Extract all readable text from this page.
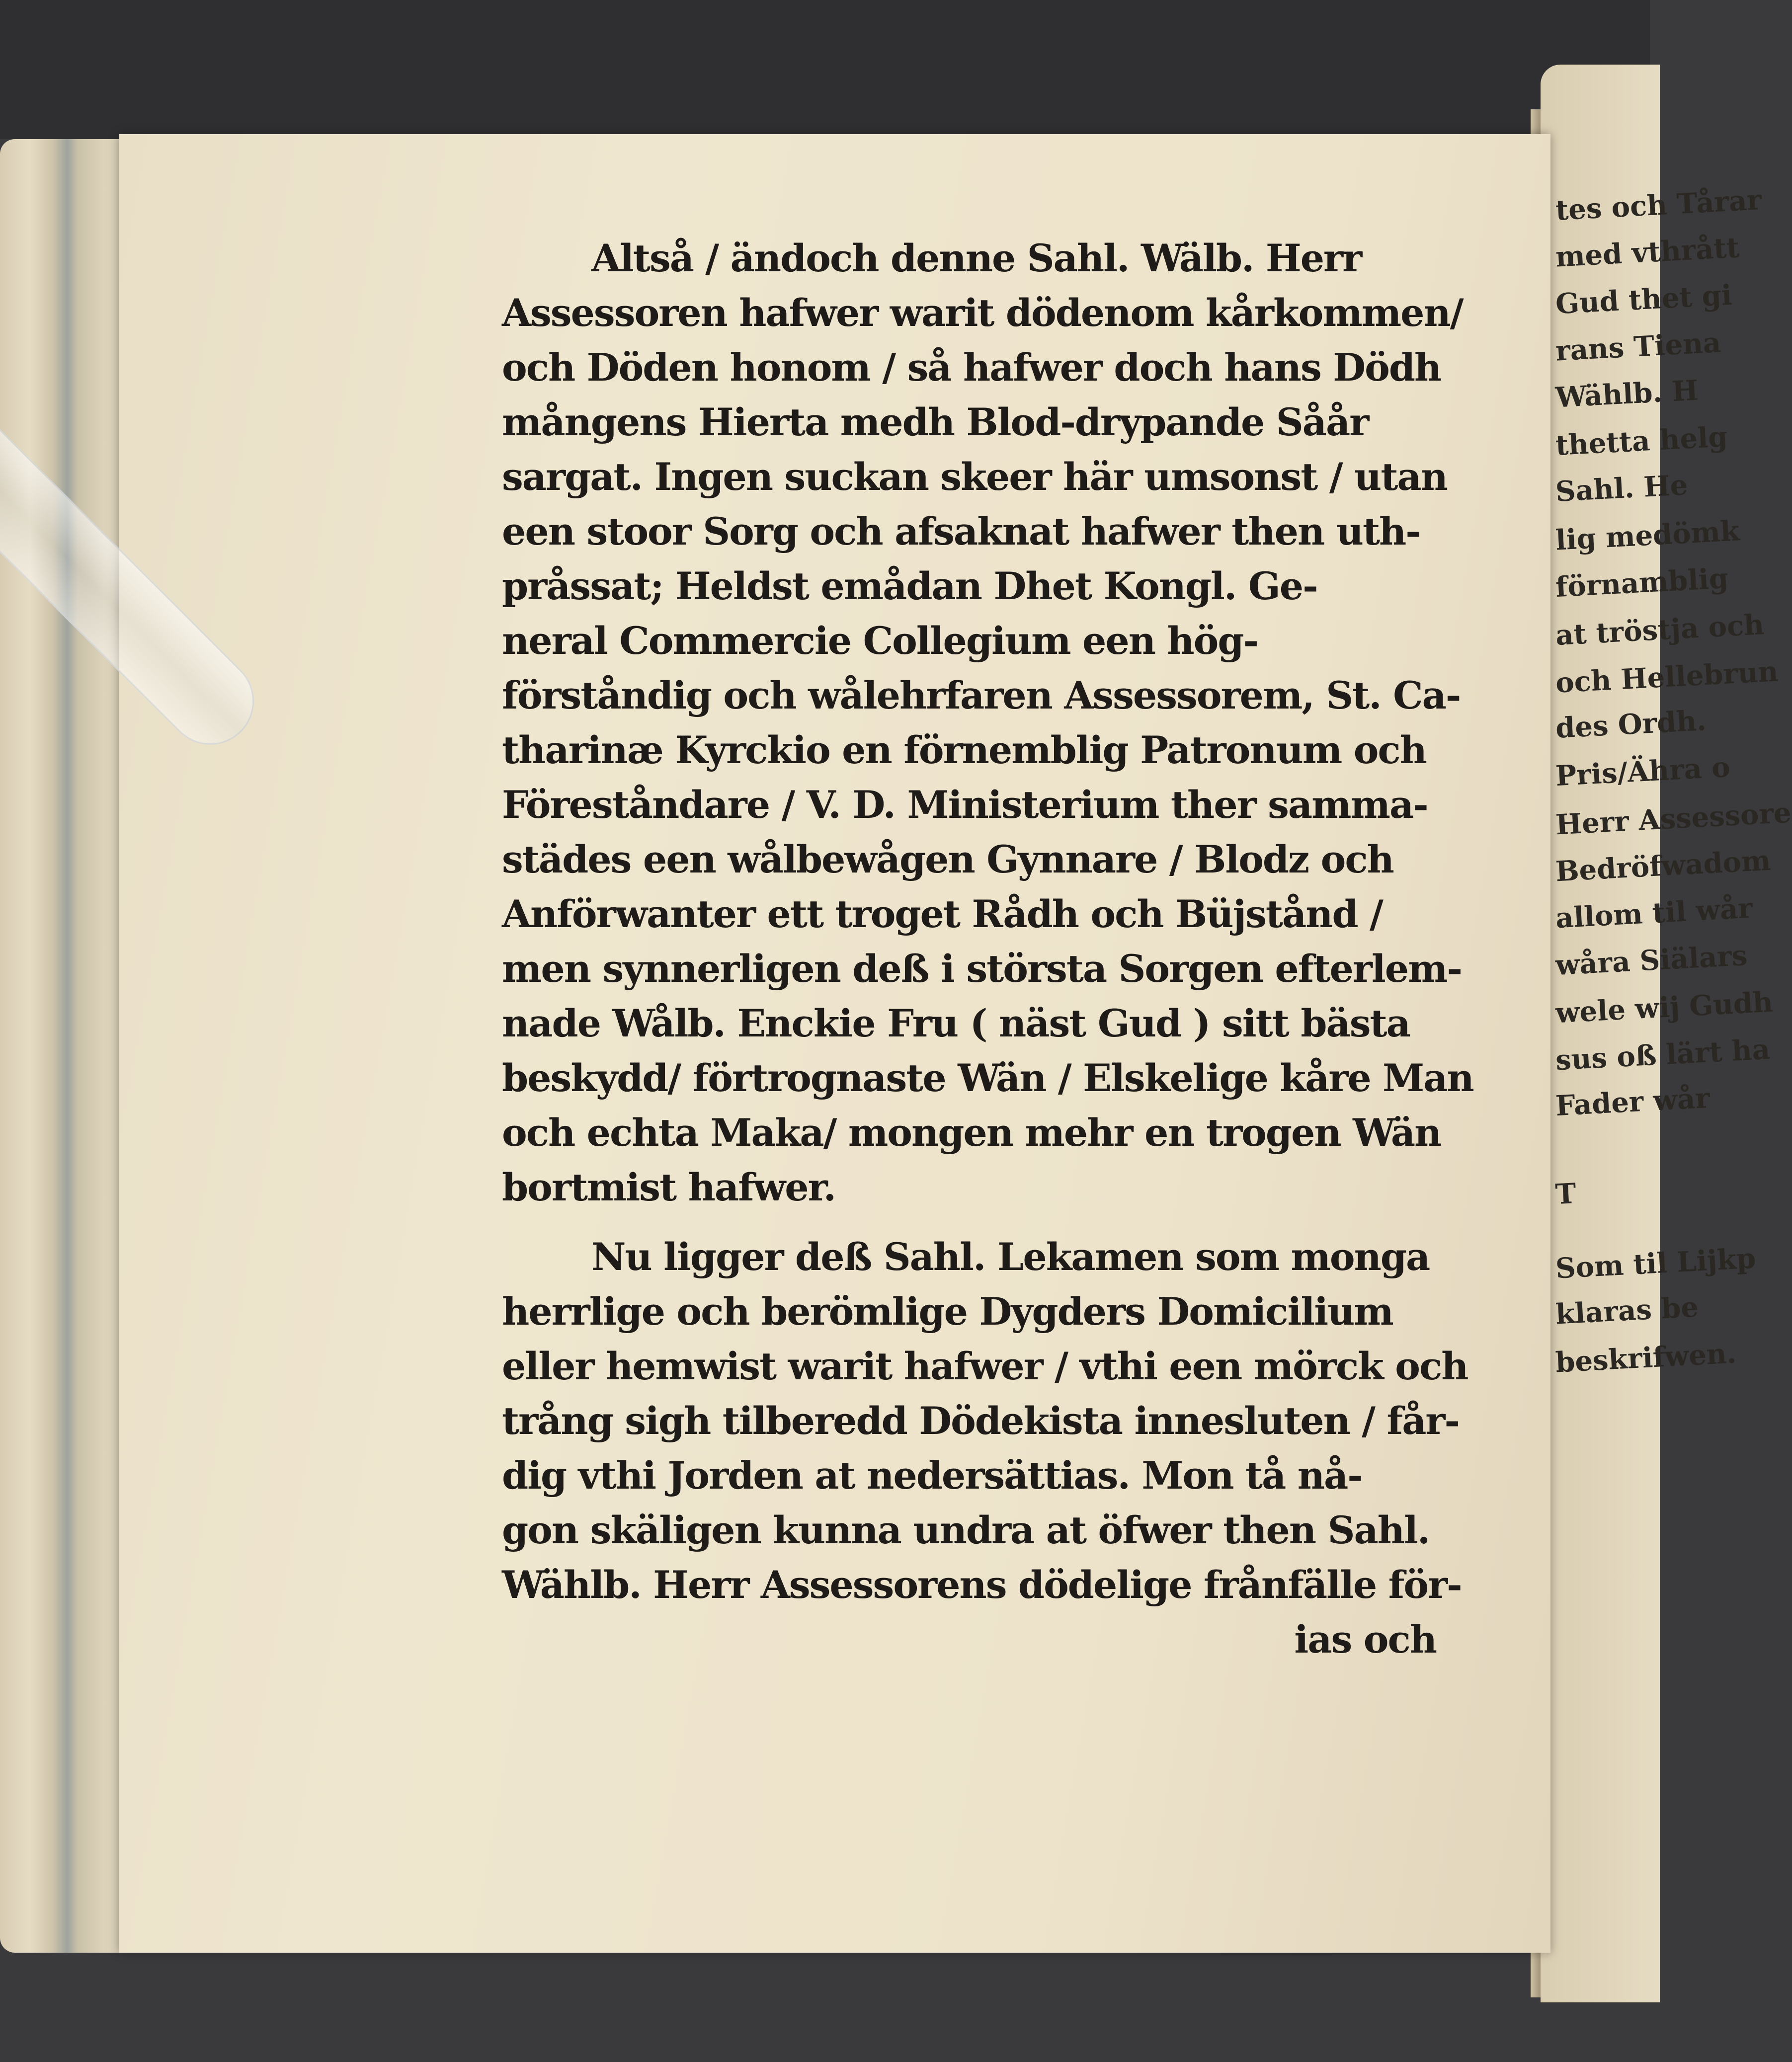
tes och Tårar
med vthrått
Gud thet gi
rans Tiena
Wählb. H
thetta helg
Sahl. He
lig medömk
förnamblig
at tröstja och
och Hellebrun
des Ordh.
Pris/Ähra o
Herr Assessore
Bedröfwadom
allom til wår
wåra Siälars
wele wij Gudh
sus oß lärt ha
Fader wår
T
Som til Lijkp
klaras be
beskrifwen.
Altså / ändoch denne Sahl. Wälb. Herr
Assessoren hafwer warit dödenom kårkommen/
och Döden honom / så hafwer doch hans Dödh
mångens Hierta medh Blod-drypande Såår
sargat. Ingen suckan skeer här umsonst / utan
een stoor Sorg och afsaknat hafwer then uth-
pråssat; Heldst emådan Dhet Kongl. Ge-
neral Commercie Collegium een hög-
förståndig och wålehrfaren Assessorem, St. Ca-
tharinæ Kyrckio en förnemblig Patronum och
Föreståndare / V. D. Ministerium ther samma-
städes een wålbewågen Gynnare / Blodz och
Anförwanter ett troget Rådh och Büjstånd /
men synnerligen deß i största Sorgen efterlem-
nade Wålb. Enckie Fru ( näst Gud ) sitt bästa
beskydd/ förtrognaste Wän / Elskelige kåre Man
och echta Maka/ mongen mehr en trogen Wän
bortmist hafwer.
Nu ligger deß Sahl. Lekamen som monga
herrlige och berömlige Dygders Domicilium
eller hemwist warit hafwer / vthi een mörck och
trång sigh tilberedd Dödekista innesluten / får-
dig vthi Jorden at nedersättias. Mon tå nå-
gon skäligen kunna undra at öfwer then Sahl.
Wählb. Herr Assessorens dödelige frånfälle för-
ias och
